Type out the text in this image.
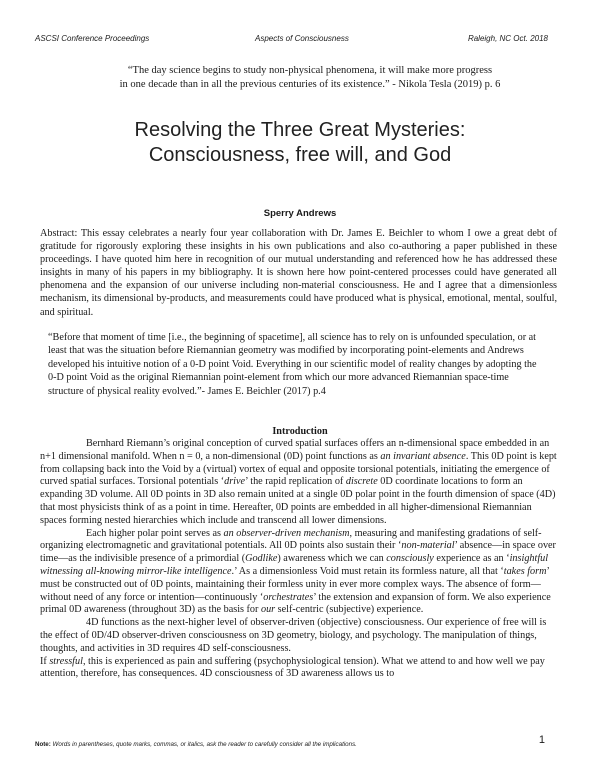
ASCSI Conference Proceedings	Aspects of Consciousness	Raleigh, NC Oct. 2018
“The day science begins to study non-physical phenomena, it will make more progress
in one decade than in all the previous centuries of its existence.” - Nikola Tesla (2019) p. 6
Resolving the Three Great Mysteries:
Consciousness, free will, and God
Sperry Andrews
Abstract: This essay celebrates a nearly four year collaboration with Dr. James E. Beichler to whom I owe a great debt of gratitude for rigorously exploring these insights in his own publications and also co-authoring a paper published in these proceedings. I have quoted him here in recognition of our mutual understanding and referenced how he has addressed these insights in many of his papers in my bibliography. It is shown here how point-centered processes could have generated all phenomena and the expansion of our universe including non-material consciousness. He and I agree that a dimensionless mechanism, its dimensional by-products, and measurements could have produced what is physical, emotional, mental, soulful, and spiritual.
“Before that moment of time [i.e., the beginning of spacetime], all science has to rely on is unfounded speculation, or at least that was the situation before Riemannian geometry was modified by incorporating point-elements and Andrews developed his intuitive notion of a 0-D point Void. Everything in our scientific model of reality changes by adopting the 0-D point Void as the original Riemannian point-element from which our more advanced Riemannian space-time structure of physical reality evolved.”- James E. Beichler (2017) p.4
Introduction

Bernhard Riemann’s original conception of curved spatial surfaces offers an n-dimensional space embedded in an n+1 dimensional manifold. When n = 0, a non-dimensional (0D) point functions as an invariant absence. This 0D point is kept from collapsing back into the Void by a (virtual) vortex of equal and opposite torsional potentials, initiating the emergence of curved spatial surfaces. Torsional potentials ‘drive’ the rapid replication of discrete 0D coordinate locations to form an expanding 3D volume. All 0D points in 3D also remain united at a single 0D polar point in the fourth dimension of space (4D) that most physicists think of as a point in time. Hereafter, 0D points are embedded in all higher-dimensional Riemannian spaces forming nested hierarchies which include and transcend all lower dimensions.

Each higher polar point serves as an observer-driven mechanism, measuring and manifesting gradations of self-organizing electromagnetic and gravitational potentials. All 0D points also sustain their ‘non-material’ absence—in space over time—as the indivisible presence of a primordial (Godlike) awareness which we can consciously experience as an ‘insightful witnessing all-knowing mirror-like intelligence.’ As a dimensionless Void must retain its formless nature, all that ‘takes form’ must be constructed out of 0D points, maintaining their formless unity in ever more complex ways. The absence of form—without need of any force or intention—continuously ‘orchestrates’ the extension and expansion of form. We also experience primal 0D awareness (throughout 3D) as the basis for our self-centric (subjective) experience.

4D functions as the next-higher level of observer-driven (objective) consciousness. Our experience of free will is the effect of 0D/4D observer-driven consciousness on 3D geometry, biology, and psychology. The manipulation of things, thoughts, and activities in 3D requires 4D self-consciousness.

If stressful, this is experienced as pain and suffering (psychophysiological tension). What we attend to and how well we pay attention, therefore, has consequences. 4D consciousness of 3D awareness allows us to

Note: Words in parentheses, quote marks, commas, or italics, ask the reader to carefully consider all the implications.	1
